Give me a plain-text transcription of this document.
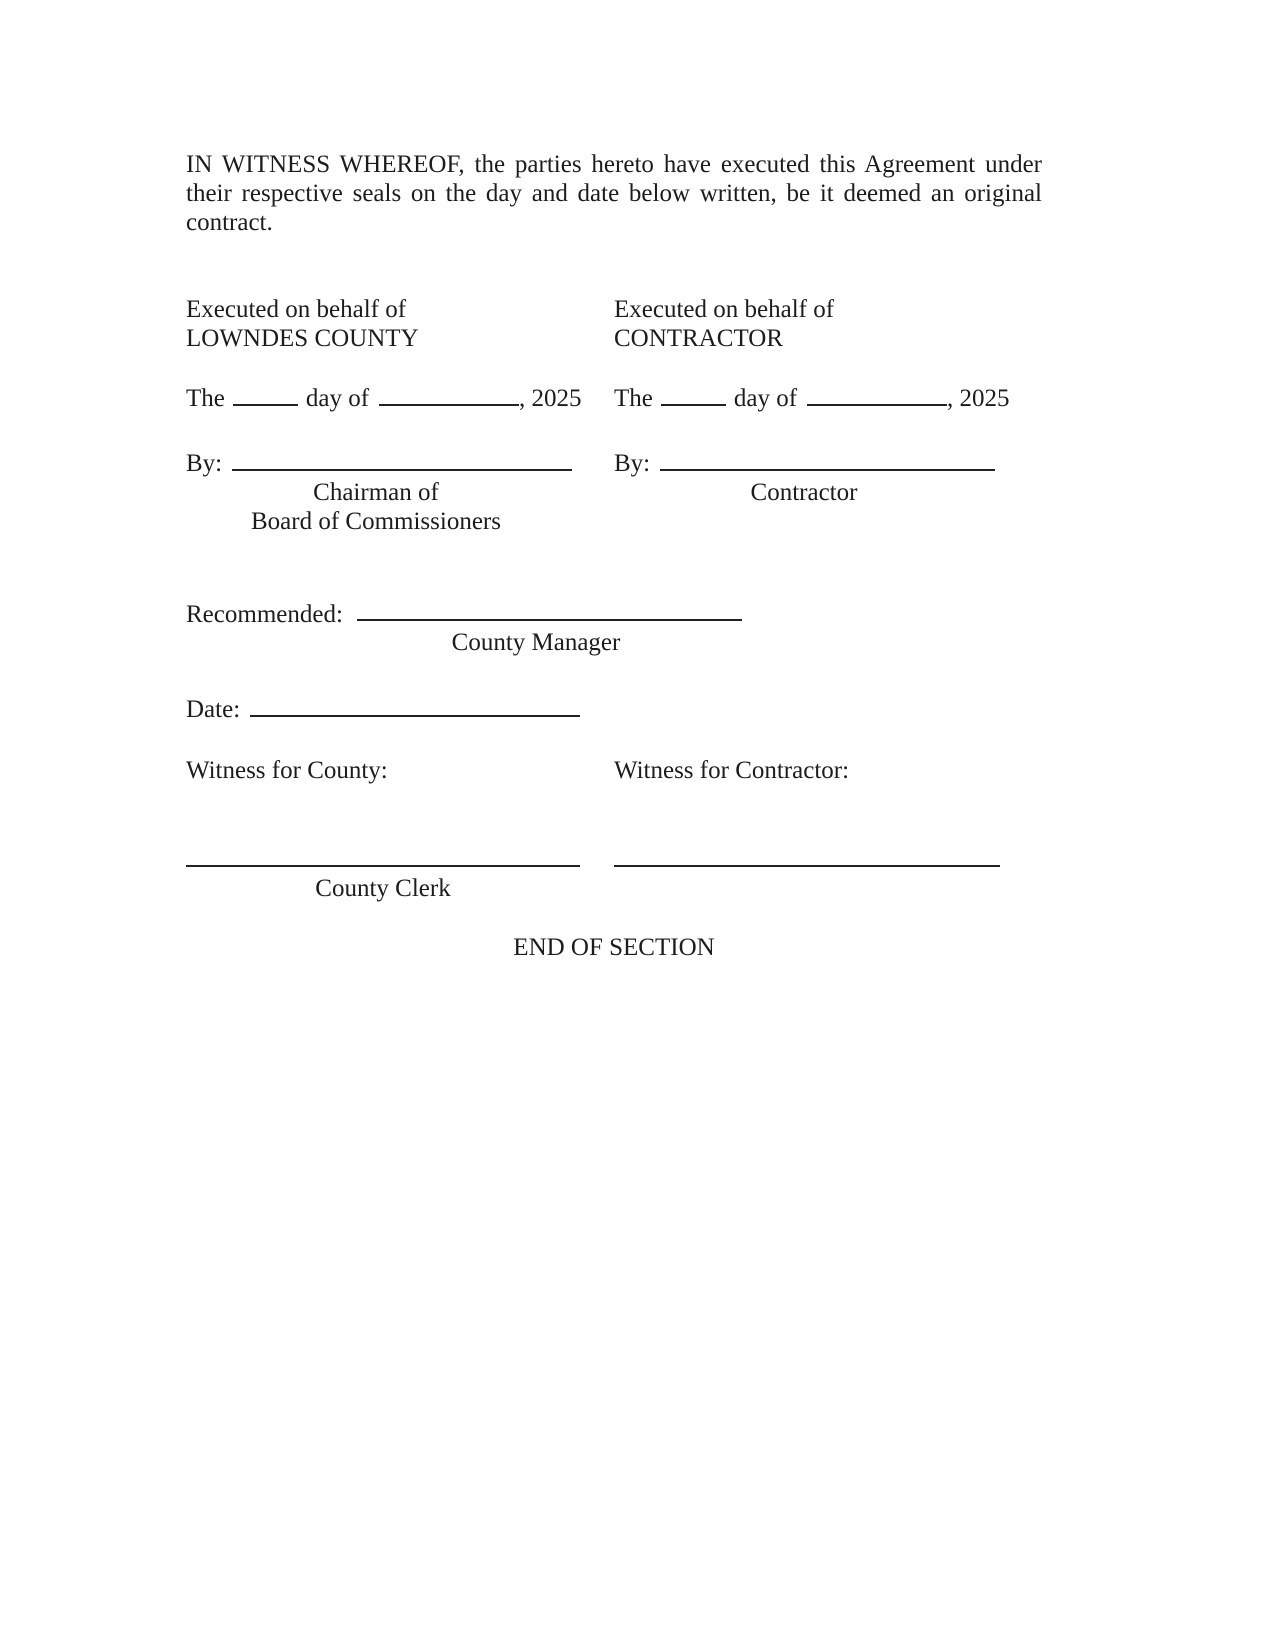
IN WITNESS WHEREOF, the parties hereto have executed this Agreement under their respective seals on the day and date below written, be it deemed an original contract.
Executed on behalf of
LOWNDES COUNTY
Executed on behalf of
CONTRACTOR
The	day of	, 2025	The	day of	, 2025
By:	By:
Chairman of
Board of Commissioners
Contractor
Recommended:
County Manager
Date:
Witness for County:	Witness for Contractor:
County Clerk
END OF SECTION
